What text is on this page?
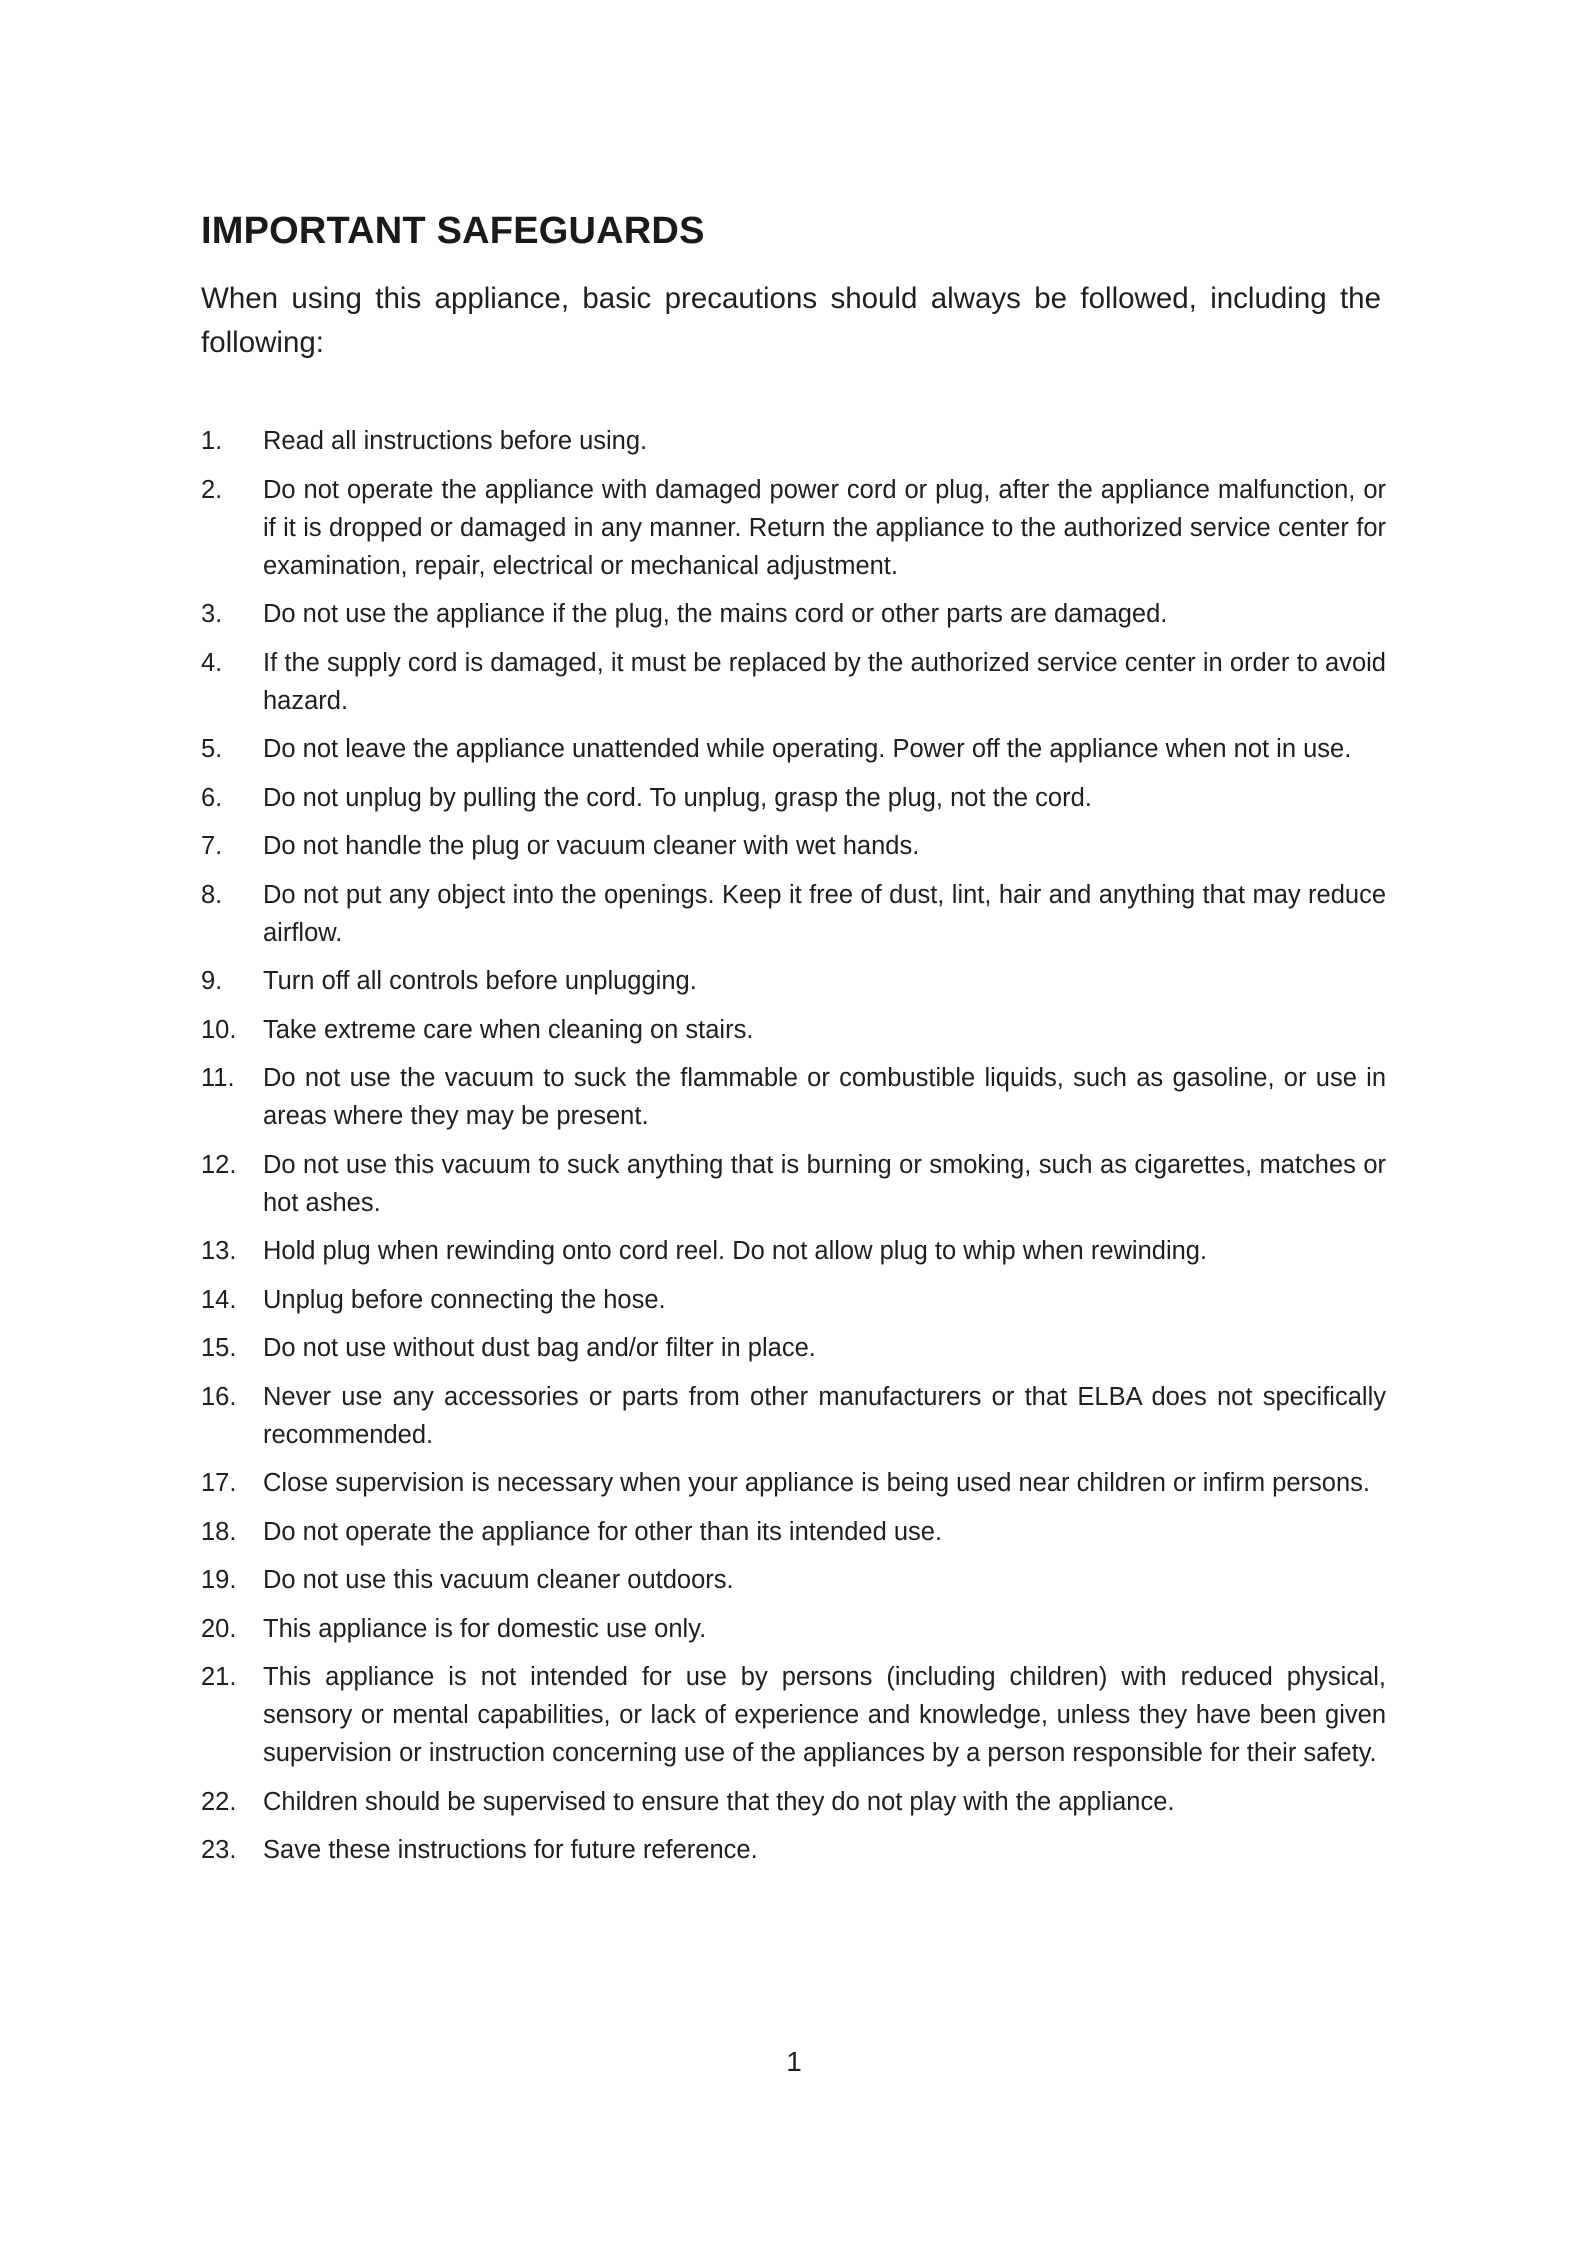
IMPORTANT SAFEGUARDS

When using this appliance, basic precautions should always be followed, including the following:

1.	Read all instructions before using.
2.	Do not operate the appliance with damaged power cord or plug, after the appliance malfunction, or if it is dropped or damaged in any manner. Return the appliance to the authorized service center for examination, repair, electrical or mechanical adjustment.
3.	Do not use the appliance if the plug, the mains cord or other parts are damaged.
4.	If the supply cord is damaged, it must be replaced by the authorized service center in order to avoid hazard.
5.	Do not leave the appliance unattended while operating. Power off the appliance when not in use.
6.	Do not unplug by pulling the cord. To unplug, grasp the plug, not the cord.
7.	Do not handle the plug or vacuum cleaner with wet hands.
8.	Do not put any object into the openings. Keep it free of dust, lint, hair and anything that may reduce airflow.
9.	Turn off all controls before unplugging.
10.	Take extreme care when cleaning on stairs.
11.	Do not use the vacuum to suck the flammable or combustible liquids, such as gasoline, or use in areas where they may be present.
12.	Do not use this vacuum to suck anything that is burning or smoking, such as cigarettes, matches or hot ashes.
13.	Hold plug when rewinding onto cord reel. Do not allow plug to whip when rewinding.
14.	Unplug before connecting the hose.
15.	Do not use without dust bag and/or filter in place.
16.	Never use any accessories or parts from other manufacturers or that ELBA does not specifically recommended.
17.	Close supervision is necessary when your appliance is being used near children or infirm persons.
18.	Do not operate the appliance for other than its intended use.
19.	Do not use this vacuum cleaner outdoors.
20.	This appliance is for domestic use only.
21.	This appliance is not intended for use by persons (including children) with reduced physical, sensory or mental capabilities, or lack of experience and knowledge, unless they have been given supervision or instruction concerning use of the appliances by a person responsible for their safety.
22.	Children should be supervised to ensure that they do not play with the appliance.
23.	Save these instructions for future reference.

1
